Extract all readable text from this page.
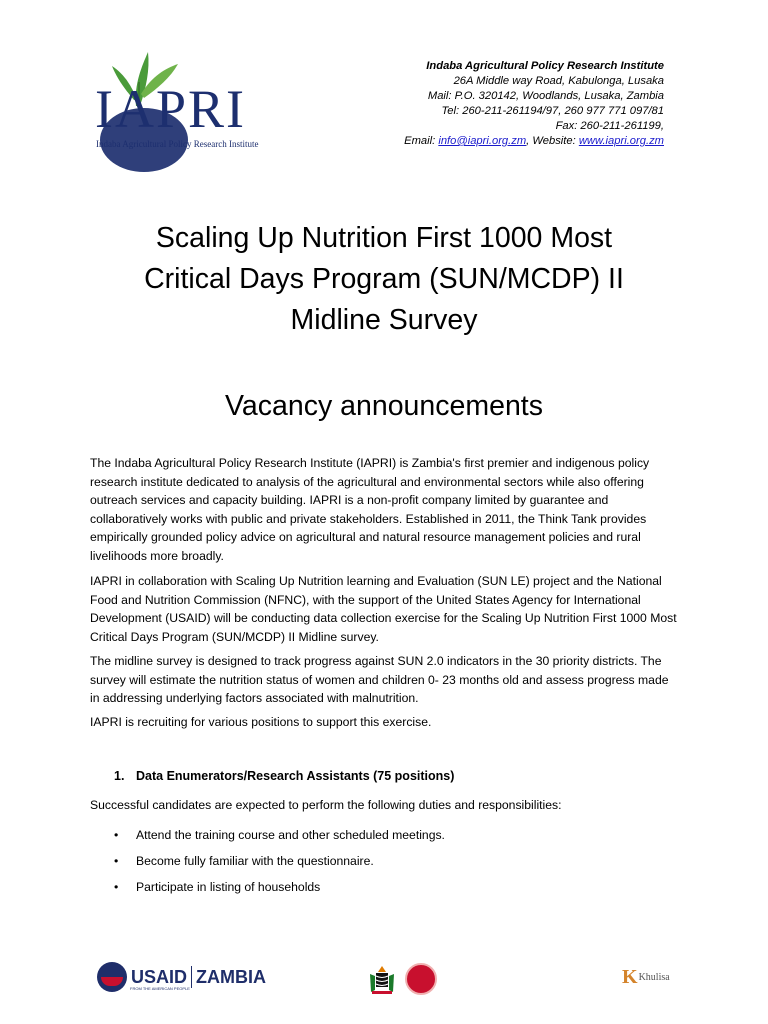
IAPRI
Indaba Agricultural Policy Research Institute
Indaba Agricultural Policy Research Institute
26A Middle way Road, Kabulonga, Lusaka
Mail: P.O. 320142, Woodlands, Lusaka, Zambia
Tel: 260-211-261194/97, 260 977 771 097/81
Fax: 260-211-261199,
Email: info@iapri.org.zm, Website: www.iapri.org.zm
Scaling Up Nutrition First 1000 Most
Critical Days Program (SUN/MCDP) II
Midline Survey
Vacancy announcements

The Indaba Agricultural Policy Research Institute (IAPRI) is Zambia's first premier and indigenous policy research institute dedicated to analysis of the agricultural and environmental sectors while also offering outreach services and capacity building. IAPRI is a non-profit company limited by guarantee and collaboratively works with public and private stakeholders. Established in 2011, the Think Tank provides empirically grounded policy advice on agricultural and natural resource management policies and rural livelihoods more broadly.

IAPRI in collaboration with Scaling Up Nutrition learning and Evaluation (SUN LE) project and the National Food and Nutrition Commission (NFNC), with the support of the United States Agency for International Development (USAID) will be conducting data collection exercise for the Scaling Up Nutrition First 1000 Most Critical Days Program (SUN/MCDP) II Midline survey.

The midline survey is designed to track progress against SUN 2.0 indicators in the 30 priority districts. The survey will estimate the nutrition status of women and children 0- 23 months old and assess progress made in addressing underlying factors associated with malnutrition.

IAPRI is recruiting for various positions to support this exercise.

1. Data Enumerators/Research Assistants (75 positions)
Successful candidates are expected to perform the following duties and responsibilities:
•	Attend the training course and other scheduled meetings.
•	Become fully familiar with the questionnaire.
•	Participate in listing of households
USAID ZAMBIA
FROM THE AMERICAN PEOPLE
K Khulisa
